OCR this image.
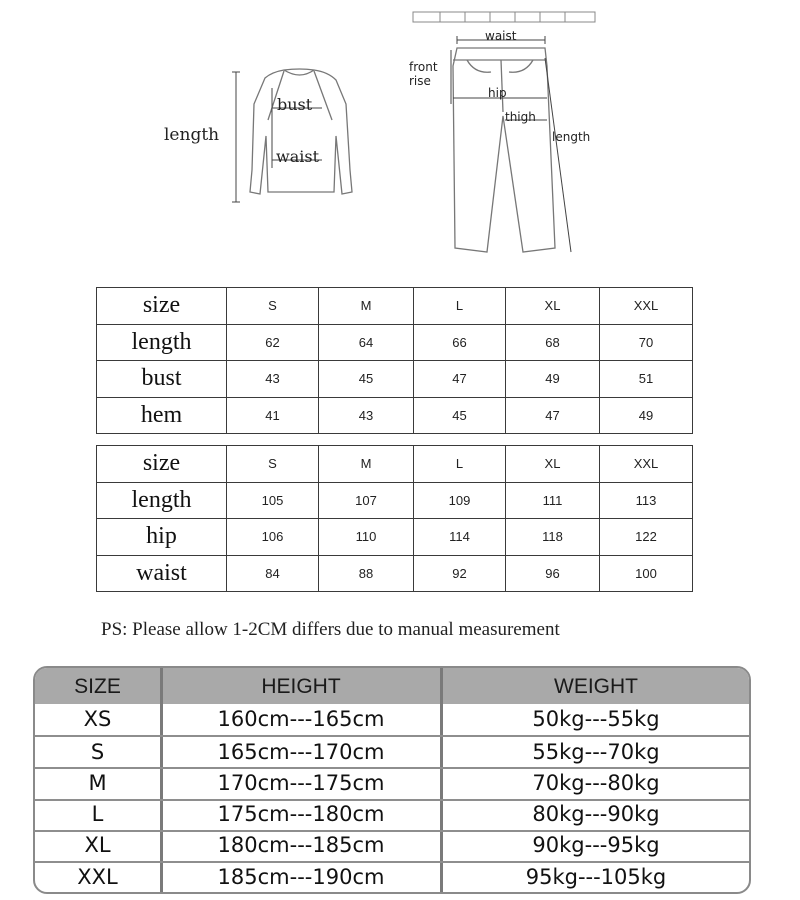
length
bust
waist
waist
front rise
hip
thigh
length
size	S	M	L	XL	XXL
length	62	64	66	68	70
bust	43	45	47	49	51
hem	41	43	45	47	49
size	S	M	L	XL	XXL
length	105	107	109	111	113
hip	106	110	114	118	122
waist	84	88	92	96	100
PS: Please allow 1-2CM differs due to manual measurement
SIZE	HEIGHT	WEIGHT
XS	160cm---165cm	50kg---55kg
S	165cm---170cm	55kg---70kg
M	170cm---175cm	70kg---80kg
L	175cm---180cm	80kg---90kg
XL	180cm---185cm	90kg---95kg
XXL	185cm---190cm	95kg---105kg
